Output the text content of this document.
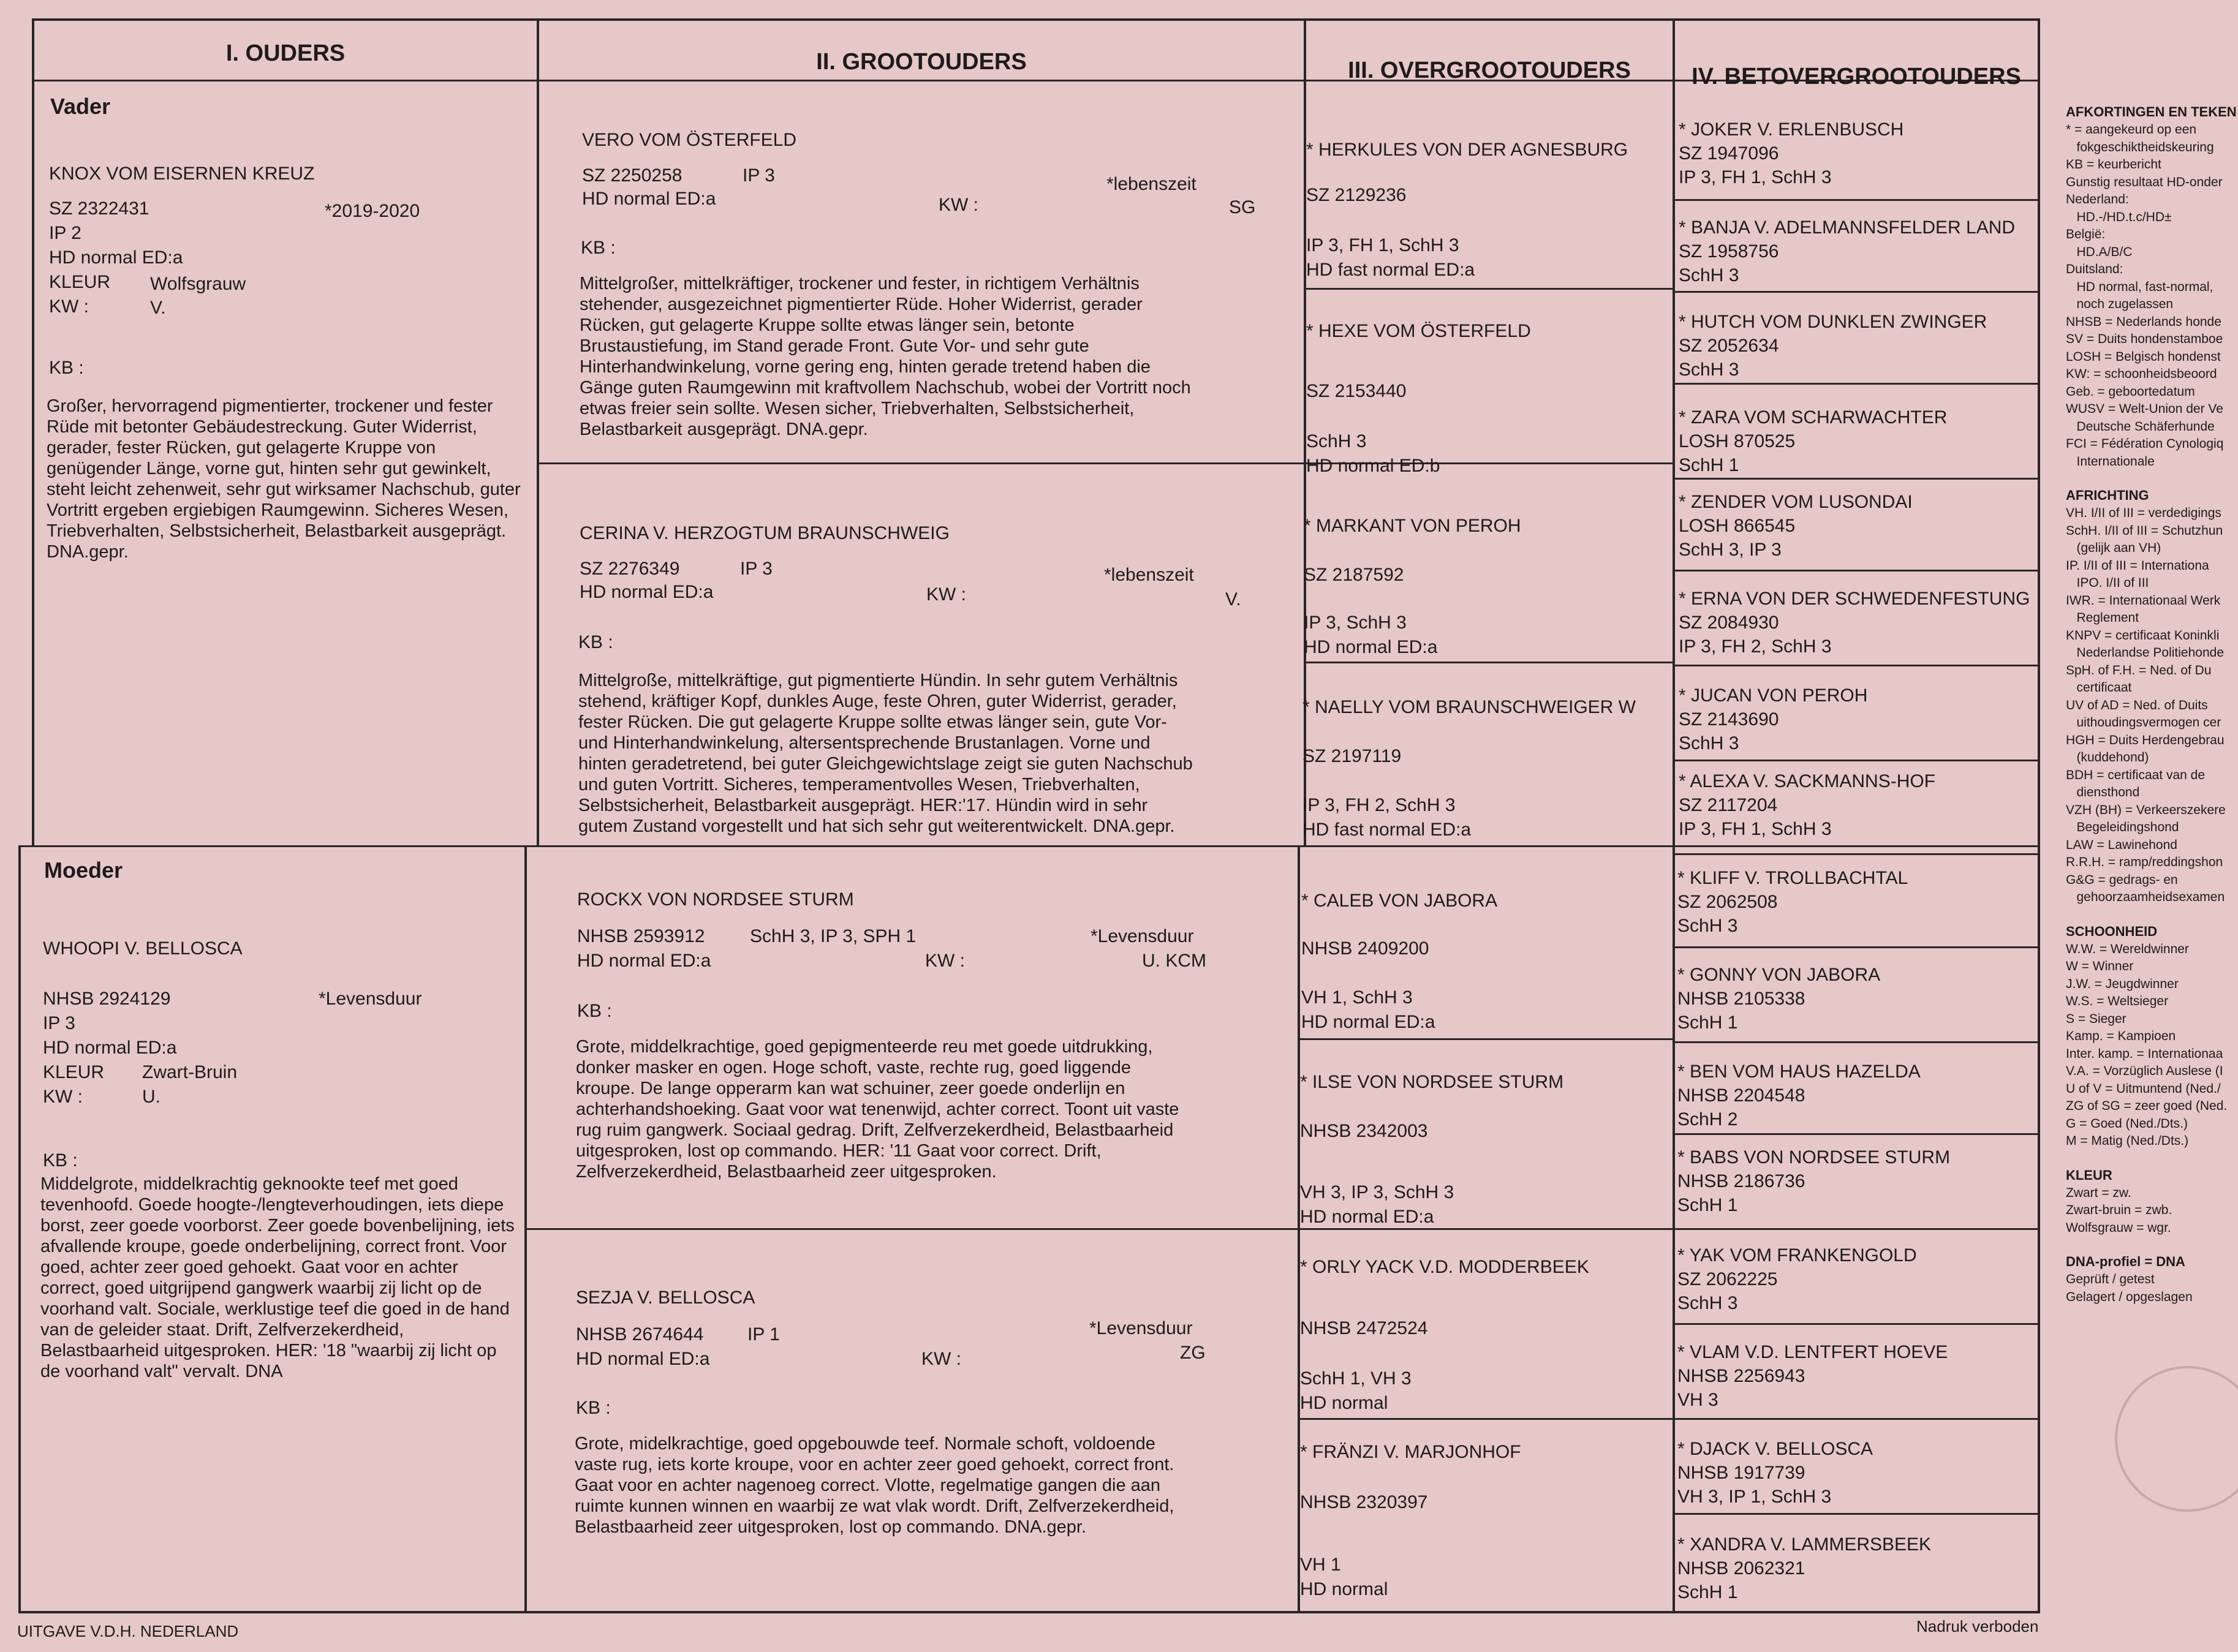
I. OUDERS	II. GROOTOUDERS	III. OVERGROOTOUDERS	IV. BETOVERGROOTOUDERS
Vader
KNOX VOM EISERNEN KREUZ
SZ 2322431	*2019-2020
IP 2
HD normal ED:a
KLEUR Wolfsgrauw
KW :	V.
KB :
Großer, hervorragend pigmentierter, trockener und fester Rüde mit betonter Gebäudestreckung. Guter Widerrist, gerader, fester Rücken, gut gelagerte Kruppe von genügender Länge, vorne gut, hinten sehr gut gewinkelt, steht leicht zehenweit, sehr gut wirksamer Nachschub, guter Vortritt ergeben ergiebigen Raumgewinn. Sicheres Wesen, Triebverhalten, Selbstsicherheit, Belastbarkeit ausgeprägt. DNA.gepr.
Moeder
WHOOPI V. BELLOSCA
NHSB 2924129	*Levensduur
IP 3
HD normal ED:a
KLEUR Zwart-Bruin
KW :	U.
KB :
Middelgrote, middelkrachtig geknookte teef met goed tevenhoofd. Goede hoogte-/lengteverhoudingen, iets diepe borst, zeer goede voorborst. Zeer goede bovenbelijning, iets afvallende kroupe, goede onderbelijning, correct front. Voor goed, achter zeer goed gehoekt. Gaat voor en achter correct, goed uitgrijpend gangwerk waarbij zij licht op de voorhand valt. Sociale, werklustige teef die goed in de hand van de geleider staat. Drift, Zelfverzekerdheid, Belastbaarheid uitgesproken. HER: '18 "waarbij zij licht op de voorhand valt" vervalt. DNA
VERO VOM ÖSTERFELD
SZ 2250258	IP 3	*lebenszeit
HD normal ED:a	KW :	SG
KB :
Mittelgroßer, mittelkräftiger, trockener und fester, in richtigem Verhältnis stehender, ausgezeichnet pigmentierter Rüde. Hoher Widerrist, gerader Rücken, gut gelagerte Kruppe sollte etwas länger sein, betonte Brustaustiefung, im Stand gerade Front. Gute Vor- und sehr gute Hinterhandwinkelung, vorne gering eng, hinten gerade tretend haben die Gänge guten Raumgewinn mit kraftvollem Nachschub, wobei der Vortritt noch etwas freier sein sollte. Wesen sicher, Triebverhalten, Selbstsicherheit, Belastbarkeit ausgeprägt. DNA.gepr.
CERINA V. HERZOGTUM BRAUNSCHWEIG
SZ 2276349	IP 3	*lebenszeit
HD normal ED:a	KW :	V.
KB :
Mittelgroße, mittelkräftige, gut pigmentierte Hündin. In sehr gutem Verhältnis stehend, kräftiger Kopf, dunkles Auge, feste Ohren, guter Widerrist, gerader, fester Rücken. Die gut gelagerte Kruppe sollte etwas länger sein, gute Vor- und Hinterhandwinkelung, altersentsprechende Brustanlagen. Vorne und hinten geradetretend, bei guter Gleichgewichtslage zeigt sie guten Nachschub und guten Vortritt. Sicheres, temperamentvolles Wesen, Triebverhalten, Selbstsicherheit, Belastbarkeit ausgeprägt. HER:'17. Hündin wird in sehr gutem Zustand vorgestellt und hat sich sehr gut weiterentwickelt. DNA.gepr.
ROCKX VON NORDSEE STURM
NHSB 2593912 SchH 3, IP 3, SPH 1	*Levensduur
HD normal ED:a	KW :	U. KCM
KB :
Grote, middelkrachtige, goed gepigmenteerde reu met goede uitdrukking, donker masker en ogen. Hoge schoft, vaste, rechte rug, goed liggende kroupe. De lange opperarm kan wat schuiner, zeer goede onderlijn en achterhandshoeking. Gaat voor wat tenenwijd, achter correct. Toont uit vaste rug ruim gangwerk. Sociaal gedrag. Drift, Zelfverzekerdheid, Belastbaarheid uitgesproken, lost op commando. HER: '11 Gaat voor correct. Drift, Zelfverzekerdheid, Belastbaarheid zeer uitgesproken.
SEZJA V. BELLOSCA
NHSB 2674644 IP 1	*Levensduur
HD normal ED:a	KW :	ZG
KB :
Grote, midelkrachtige, goed opgebouwde teef. Normale schoft, voldoende vaste rug, iets korte kroupe, voor en achter zeer goed gehoekt, correct front. Gaat voor en achter nagenoeg correct. Vlotte, regelmatige gangen die aan ruimte kunnen winnen en waarbij ze wat vlak wordt. Drift, Zelfverzekerdheid, Belastbaarheid zeer uitgesproken, lost op commando. DNA.gepr.
* HERKULES VON DER AGNESBURG
SZ 2129236
IP 3, FH 1, SchH 3
HD fast normal ED:a
* HEXE VOM ÖSTERFELD
SZ 2153440
SchH 3
HD normal ED:b
* MARKANT VON PEROH
SZ 2187592
IP 3, SchH 3
HD normal ED:a
* NAELLY VOM BRAUNSCHWEIGER W
SZ 2197119
IP 3, FH 2, SchH 3
HD fast normal ED:a
* CALEB VON JABORA
NHSB 2409200
VH 1, SchH 3
HD normal ED:a
* ILSE VON NORDSEE STURM
NHSB 2342003
VH 3, IP 3, SchH 3
HD normal ED:a
* ORLY YACK V.D. MODDERBEEK
NHSB 2472524
SchH 1, VH 3
HD normal
* FRÄNZI V. MARJONHOF
NHSB 2320397
VH 1
HD normal
* JOKER V. ERLENBUSCH
SZ 1947096
IP 3, FH 1, SchH 3
* BANJA V. ADELMANNSFELDER LAND
SZ 1958756
SchH 3
* HUTCH VOM DUNKLEN ZWINGER
SZ 2052634
SchH 3
* ZARA VOM SCHARWACHTER
LOSH 870525
SchH 1
* ZENDER VOM LUSONDAI
LOSH 866545
SchH 3, IP 3
* ERNA VON DER SCHWEDENFESTUNG
SZ 2084930
IP 3, FH 2, SchH 3
* JUCAN VON PEROH
SZ 2143690
SchH 3
* ALEXA V. SACKMANNS-HOF
SZ 2117204
IP 3, FH 1, SchH 3
* KLIFF V. TROLLBACHTAL
SZ 2062508
SchH 3
* GONNY VON JABORA
NHSB 2105338
SchH 1
* BEN VOM HAUS HAZELDA
NHSB 2204548
SchH 2
* BABS VON NORDSEE STURM
NHSB 2186736
SchH 1
* YAK VOM FRANKENGOLD
SZ 2062225
SchH 3
* VLAM V.D. LENTFERT HOEVE
NHSB 2256943
VH 3
* DJACK V. BELLOSCA
NHSB 1917739
VH 3, IP 1, SchH 3
* XANDRA V. LAMMERSBEEK
NHSB 2062321
SchH 1
AFKORTINGEN EN TEKEN
* = aangekeurd op een
fokgeschiktheidskeuring
KB = keurbericht
Gunstig resultaat HD-onder
Nederland:
HD.-/HD.t.c/HD±
België:
HD.A/B/C
Duitsland:
HD normal, fast-normal,
noch zugelassen
NHSB = Nederlands honde
SV = Duits hondenstamboe
LOSH = Belgisch hondenst
KW: = schoonheidsbeoord
Geb. = geboortedatum
WUSV = Welt-Union der Ve
Deutsche Schäferhunde
FCI = Fédération Cynologiq
Internationale
AFRICHTING
VH. I/II of III = verdedigings
SchH. I/II of III = Schutzhun
(gelijk aan VH)
IP. I/II of III = Internationa
IPO. I/II of III
IWR. = Internationaal Werk
Reglement
KNPV = certificaat Koninkli
Nederlandse Politiehonde
SpH. of F.H. = Ned. of Du
certificaat
UV of AD = Ned. of Duits
uithoudingsvermogen cer
HGH = Duits Herdengebrau
(kuddehond)
BDH = certificaat van de
diensthond
VZH (BH) = Verkeerszekere
Begeleidingshond
LAW = Lawinehond
R.R.H. = ramp/reddingshon
G&G = gedrags- en
gehoorzaamheidsexamen
SCHOONHEID
W.W. = Wereldwinner
W = Winner
J.W. = Jeugdwinner
W.S. = Weltsieger
S = Sieger
Kamp. = Kampioen
Inter. kamp. = Internationaa
V.A. = Vorzüglich Auslese (I
U of V = Uitmuntend (Ned./
ZG of SG = zeer goed (Ned.
G = Goed (Ned./Dts.)
M = Matig (Ned./Dts.)
KLEUR
Zwart = zw.
Zwart-bruin = zwb.
Wolfsgrauw = wgr.
DNA-profiel = DNA
Geprüft / getest
Gelagert / opgeslagen
UITGAVE V.D.H. NEDERLAND	Nadruk verboden
